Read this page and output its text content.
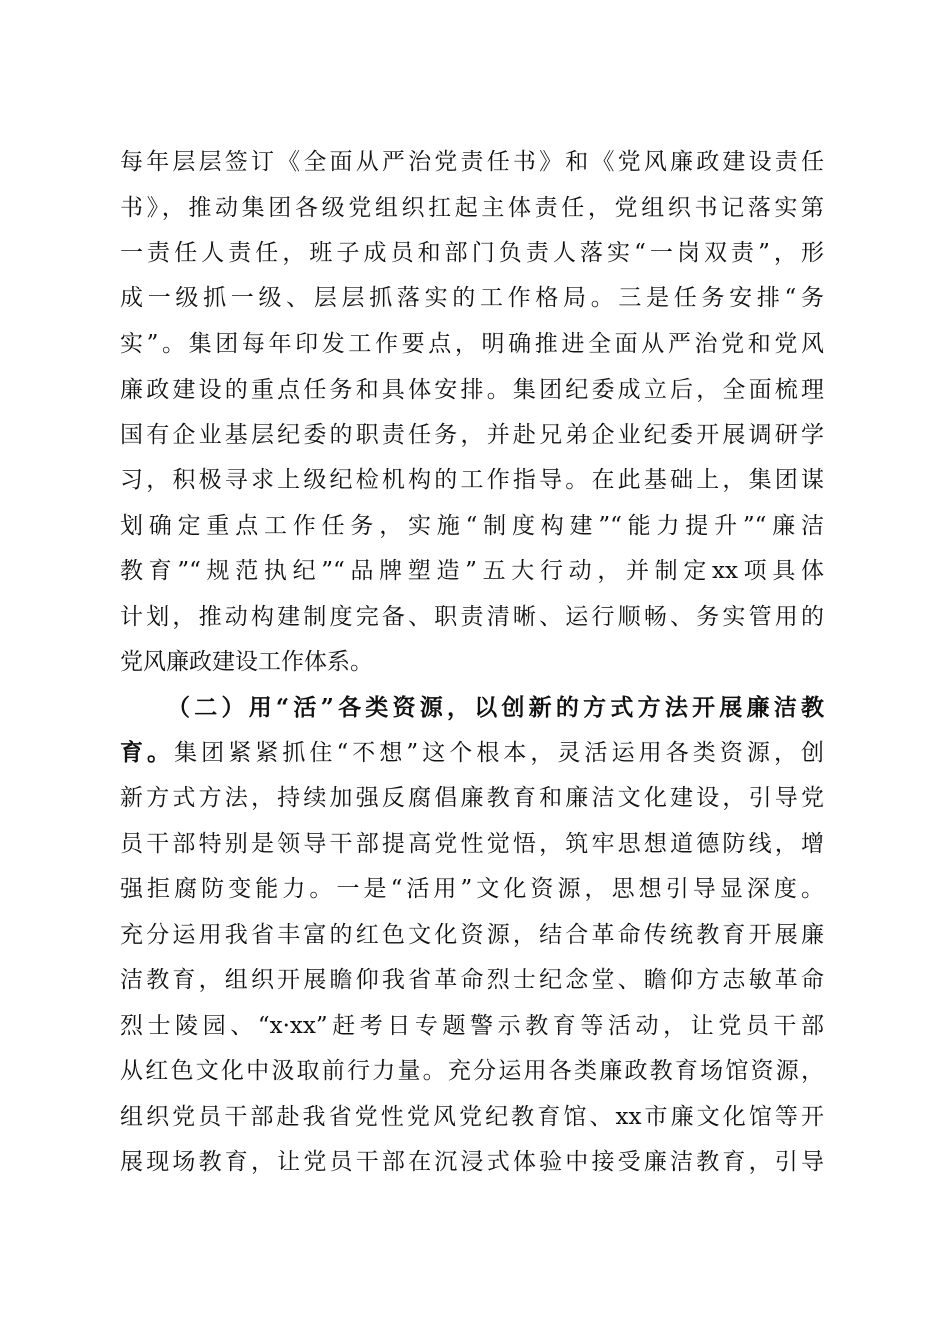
每年层层签订《全面从严治党责任书》和《党风廉政建设责任
书》，推动集团各级党组织扛起主体责任，党组织书记落实第
一责任人责任，班子成员和部门负责人落实“一岗双责”，形
成一级抓一级、层层抓落实的工作格局。三是任务安排“务
实”。集团每年印发工作要点，明确推进全面从严治党和党风
廉政建设的重点任务和具体安排。集团纪委成立后，全面梳理
国有企业基层纪委的职责任务，并赴兄弟企业纪委开展调研学
习，积极寻求上级纪检机构的工作指导。在此基础上，集团谋
划确定重点工作任务，实施“制度构建”“能力提升”“廉洁
教育”“规范执纪”“品牌塑造”五大行动，并制定xx项具体
计划，推动构建制度完备、职责清晰、运行顺畅、务实管用的
党风廉政建设工作体系。
（二）用“活”各类资源，以创新的方式方法开展廉洁教
育。集团紧紧抓住“不想”这个根本，灵活运用各类资源，创
新方式方法，持续加强反腐倡廉教育和廉洁文化建设，引导党
员干部特别是领导干部提高党性觉悟，筑牢思想道德防线，增
强拒腐防变能力。一是“活用”文化资源，思想引导显深度。
充分运用我省丰富的红色文化资源，结合革命传统教育开展廉
洁教育，组织开展瞻仰我省革命烈士纪念堂、瞻仰方志敏革命
烈士陵园、“x·xx”赶考日专题警示教育等活动，让党员干部
从红色文化中汲取前行力量。充分运用各类廉政教育场馆资源，
组织党员干部赴我省党性党风党纪教育馆、xx市廉文化馆等开
展现场教育，让党员干部在沉浸式体验中接受廉洁教育，引导
